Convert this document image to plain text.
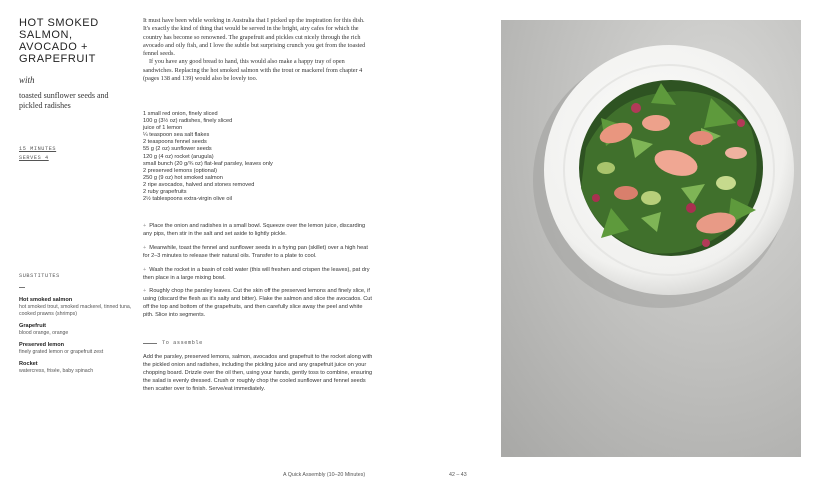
HOT SMOKED
SALMON,
AVOCADO +
GRAPEFRUIT
with
toasted sunflower seeds and pickled radishes
15 MINUTES
SERVES 4
SUBSTITUTES
Hot smoked salmon
hot smoked trout, smoked mackerel, tinned tuna, cooked prawns (shrimps)
Grapefruit
blood orange, orange
Preserved lemon
finely grated lemon or grapefruit zest
Rocket
watercress, frisée, baby spinach

It must have been while working in Australia that I picked up the inspiration for this dish. It's exactly the kind of thing that would be served in the bright, airy cafes for which the country has become so renowned. The grapefruit and pickles cut nicely through the rich avocado and oily fish, and I love the subtle but surprising crunch you get from the toasted fennel seeds.

If you have any good bread to hand, this would also make a happy tray of open sandwiches. Replacing the hot smoked salmon with the trout or mackerel from chapter 4 (pages 138 and 139) would also be lovely too.

1 small red onion, finely sliced
100 g (3½ oz) radishes, finely sliced
juice of 1 lemon
¼ teaspoon sea salt flakes
2 teaspoons fennel seeds
55 g (2 oz) sunflower seeds
120 g (4 oz) rocket (arugula)
small bunch (20 g/¾ oz) flat-leaf parsley, leaves only
2 preserved lemons (optional)
250 g (9 oz) hot smoked salmon
2 ripe avocados, halved and stones removed
2 ruby grapefruits
2½ tablespoons extra-virgin olive oil
+ Place the onion and radishes in a small bowl. Squeeze over the lemon juice, discarding any pips, then stir in the salt and set aside to lightly pickle.
+ Meanwhile, toast the fennel and sunflower seeds in a frying pan (skillet) over a high heat for 2–3 minutes to release their natural oils. Transfer to a plate to cool.
+ Wash the rocket in a basin of cold water (this will freshen and crispen the leaves), pat dry then place in a large mixing bowl.
+ Roughly chop the parsley leaves. Cut the skin off the preserved lemons and finely slice, if using (discard the flesh as it's salty and bitter). Flake the salmon and slice the avocados. Cut off the top and bottom of the grapefruits, and then carefully slice away the peel and white pith. Slice into segments.
To assemble
Add the parsley, preserved lemons, salmon, avocados and grapefruit to the rocket along with the pickled onion and radishes, including the pickling juice and any grapefruit juice on your chopping board. Drizzle over the oil then, using your hands, gently toss to combine, ensuring the salad is evenly dressed. Crush or roughly chop the cooled sunflower and fennel seeds then scatter over to finish. Serve/eat immediately.
A Quick Assembly (10–20 Minutes)	42 – 43
